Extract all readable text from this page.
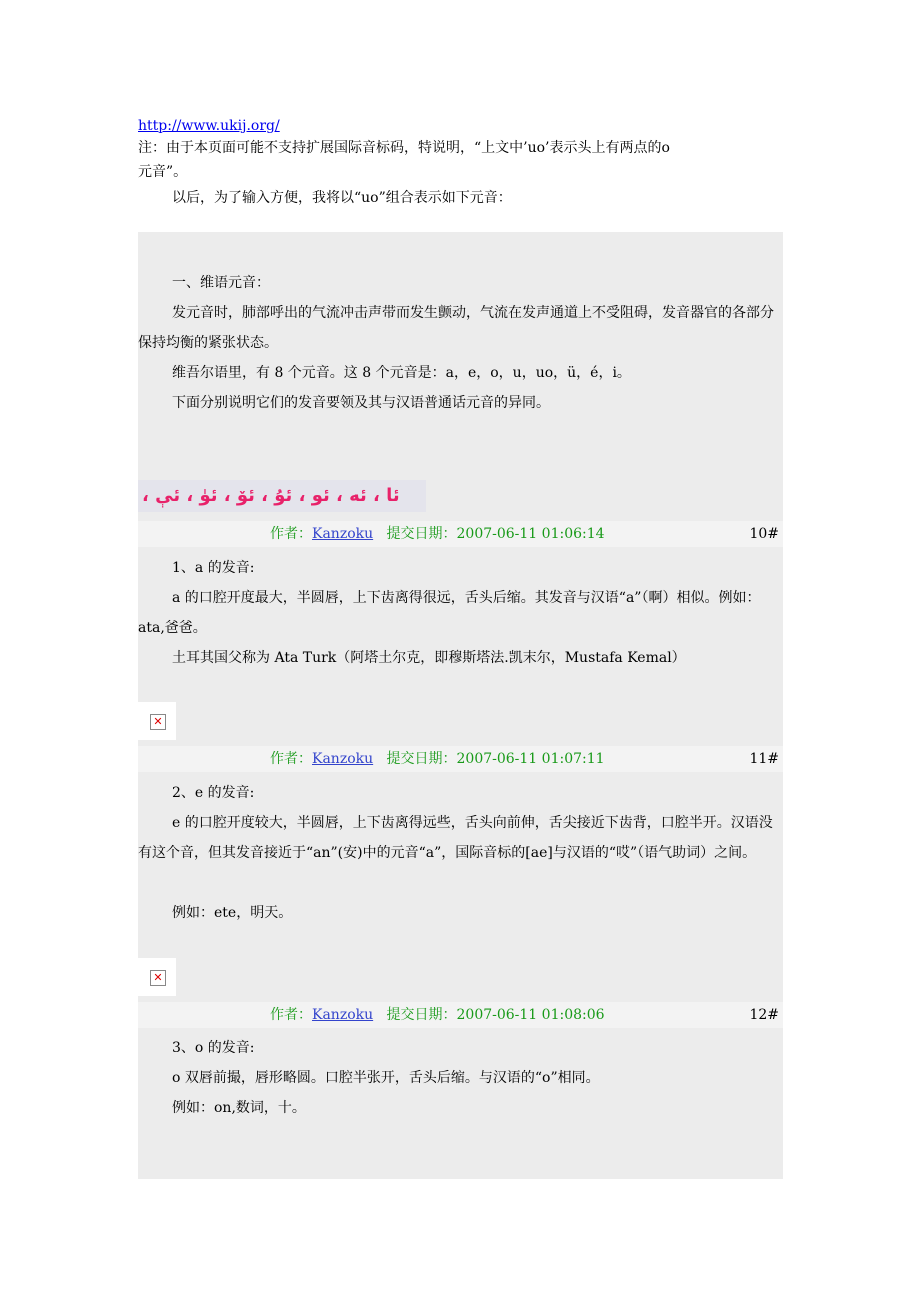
http://www.ukij.org/
注：由于本页面可能不支持扩展国际音标码，特说明，“上文中’uo’表示头上有两点的o
元音”。
以后，为了输入方便，我将以“uo”组合表示如下元音：
一、维语元音：
发元音时，肺部呼出的气流冲击声带而发生颤动，气流在发声通道上不受阻碍，发音器官的各部分保持均衡的紧张状态。
维吾尔语里，有 8 个元音。这 8 个元音是：a，e，o，u，uo，ü，é，i。
下面分别说明它们的发音要领及其与汉语普通话元音的异同。
ئا ، ئە ، ئو ، ئۇ ، ئۆ ، ئۈ ، ئې ،
作者：Kanzoku 提交日期：2007-06-11 01:06:14	10#
1、a 的发音:
a 的口腔开度最大，半圆唇，上下齿离得很远，舌头后缩。其发音与汉语“a”（啊）相似。例如：ata,爸爸。
土耳其国父称为 Ata Turk（阿塔土尔克，即穆斯塔法.凯末尔，Mustafa Kemal）
✕
作者：Kanzoku 提交日期：2007-06-11 01:07:11	11#
2、e 的发音:
e 的口腔开度较大，半圆唇，上下齿离得远些，舌头向前伸，舌尖接近下齿背，口腔半开。汉语没有这个音，但其发音接近于“an”(安)中的元音“a”，国际音标的[ae]与汉语的“哎”（语气助词）之间。
例如：ete，明天。
✕
作者：Kanzoku 提交日期：2007-06-11 01:08:06	12#
3、o 的发音:
o 双唇前撮，唇形略圆。口腔半张开，舌头后缩。与汉语的“o”相同。
例如：on,数词，十。
